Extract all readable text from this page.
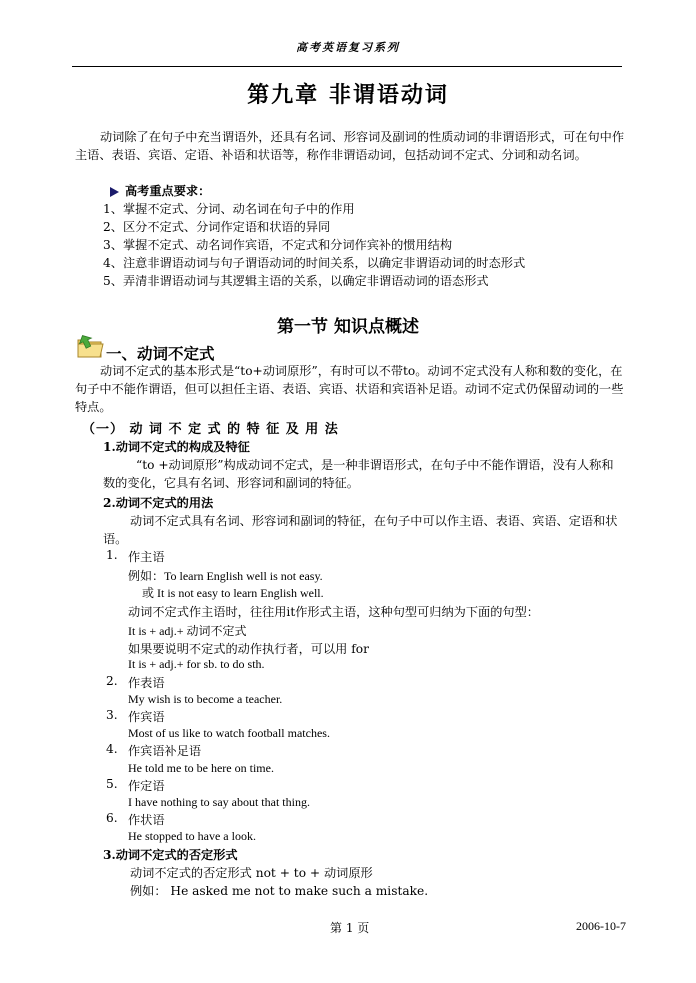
高考英语复习系列
第九章 非谓语动词
动词除了在句子中充当谓语外，还具有名词、形容词及副词的性质动词的非谓语形式，可在句中作主语、表语、宾语、定语、补语和状语等，称作非谓语动词，包括动词不定式、分词和动名词。
高考重点要求：
1、掌握不定式、分词、动名词在句子中的作用
2、区分不定式、分词作定语和状语的异同
3、掌握不定式、动名词作宾语，不定式和分词作宾补的惯用结构
4、注意非谓语动词与句子谓语动词的时间关系，以确定非谓语动词的时态形式
5、弄清非谓语动词与其逻辑主语的关系，以确定非谓语动词的语态形式
第一节 知识点概述
一、动词不定式
动词不定式的基本形式是“to+动词原形”，有时可以不带to。动词不定式没有人称和数的变化，在句子中不能作谓语，但可以担任主语、表语、宾语、状语和宾语补足语。动词不定式仍保留动词的一些特点。
（一） 动 词 不 定 式 的 特 征 及 用 法
1.动词不定式的构成及特征
“to +动词原形”构成动词不定式，是一种非谓语形式，在句子中不能作谓语，没有人称和数的变化，它具有名词、形容词和副词的特征。
2.动词不定式的用法
动词不定式具有名词、形容词和副词的特征，在句子中可以作主语、表语、宾语、定语和状语。
1. 作主语
例如：To learn English well is not easy.
或 It is not easy to learn English well.
动词不定式作主语时，往往用it作形式主语，这种句型可归纳为下面的句型：
It is + adj.+ 动词不定式
如果要说明不定式的动作执行者，可以用 for
It is + adj.+ for sb. to do sth.
2. 作表语
My wish is to become a teacher.
3. 作宾语
Most of us like to watch football matches.
4. 作宾语补足语
He told me to be here on time.
5. 作定语
I have nothing to say about that thing.
6. 作状语
He stopped to have a look.
3.动词不定式的否定形式
动词不定式的否定形式 not + to + 动词原形
例如： He asked me not to make such a mistake.
第 1 页	2006-10-7
